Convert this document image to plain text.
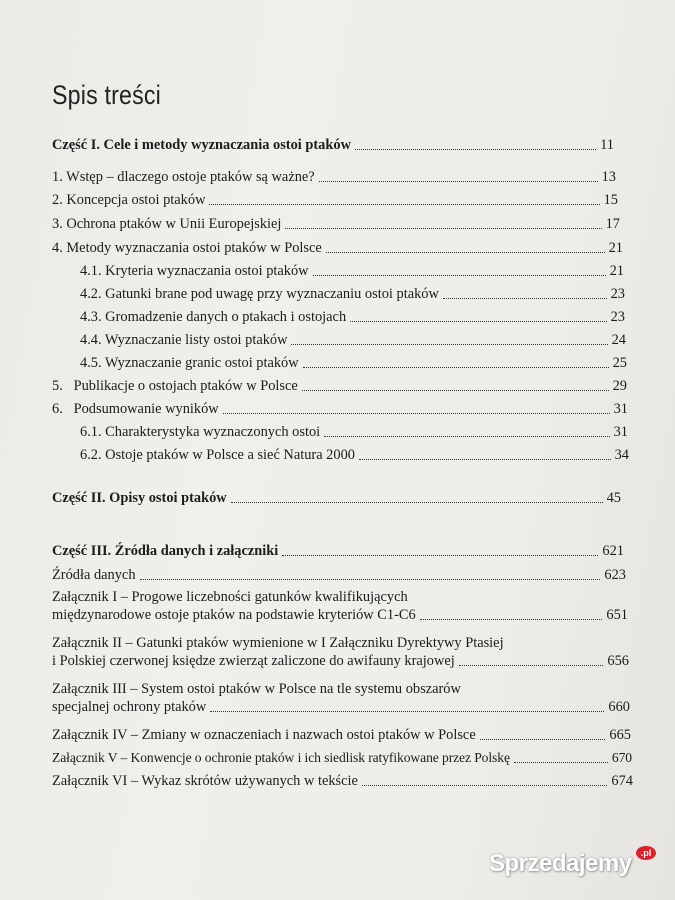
Spis treści
Część I. Cele i metody wyznaczania ostoi ptaków	11
1. Wstęp – dlaczego ostoje ptaków są ważne?	13
2. Koncepcja ostoi ptaków	15
3. Ochrona ptaków w Unii Europejskiej	17
4. Metody wyznaczania ostoi ptaków w Polsce	21
4.1. Kryteria wyznaczania ostoi ptaków	21
4.2. Gatunki brane pod uwagę przy wyznaczaniu ostoi ptaków	23
4.3. Gromadzenie danych o ptakach i ostojach	23
4.4. Wyznaczanie listy ostoi ptaków	24
4.5. Wyznaczanie granic ostoi ptaków	25
5.   Publikacje o ostojach ptaków w Polsce	29
6.   Podsumowanie wyników	31
6.1. Charakterystyka wyznaczonych ostoi	31
6.2. Ostoje ptaków w Polsce a sieć Natura 2000	34
Część II. Opisy ostoi ptaków	45
Część III. Źródła danych i załączniki	621
Źródła danych	623
Załącznik I – Progowe liczebności gatunków kwalifikujących
międzynarodowe ostoje ptaków na podstawie kryteriów C1-C6	651
Załącznik II – Gatunki ptaków wymienione w I Załączniku Dyrektywy Ptasiej
i Polskiej czerwonej księdze zwierząt zaliczone do awifauny krajowej	656
Załącznik III – System ostoi ptaków w Polsce na tle systemu obszarów
specjalnej ochrony ptaków	660
Załącznik IV – Zmiany w oznaczeniach i nazwach ostoi ptaków w Polsce	665
Załącznik V – Konwencje o ochronie ptaków i ich siedlisk ratyfikowane przez Polskę	670
Załącznik VI – Wykaz skrótów używanych w tekście	674
Sprzedajemy	.pl
